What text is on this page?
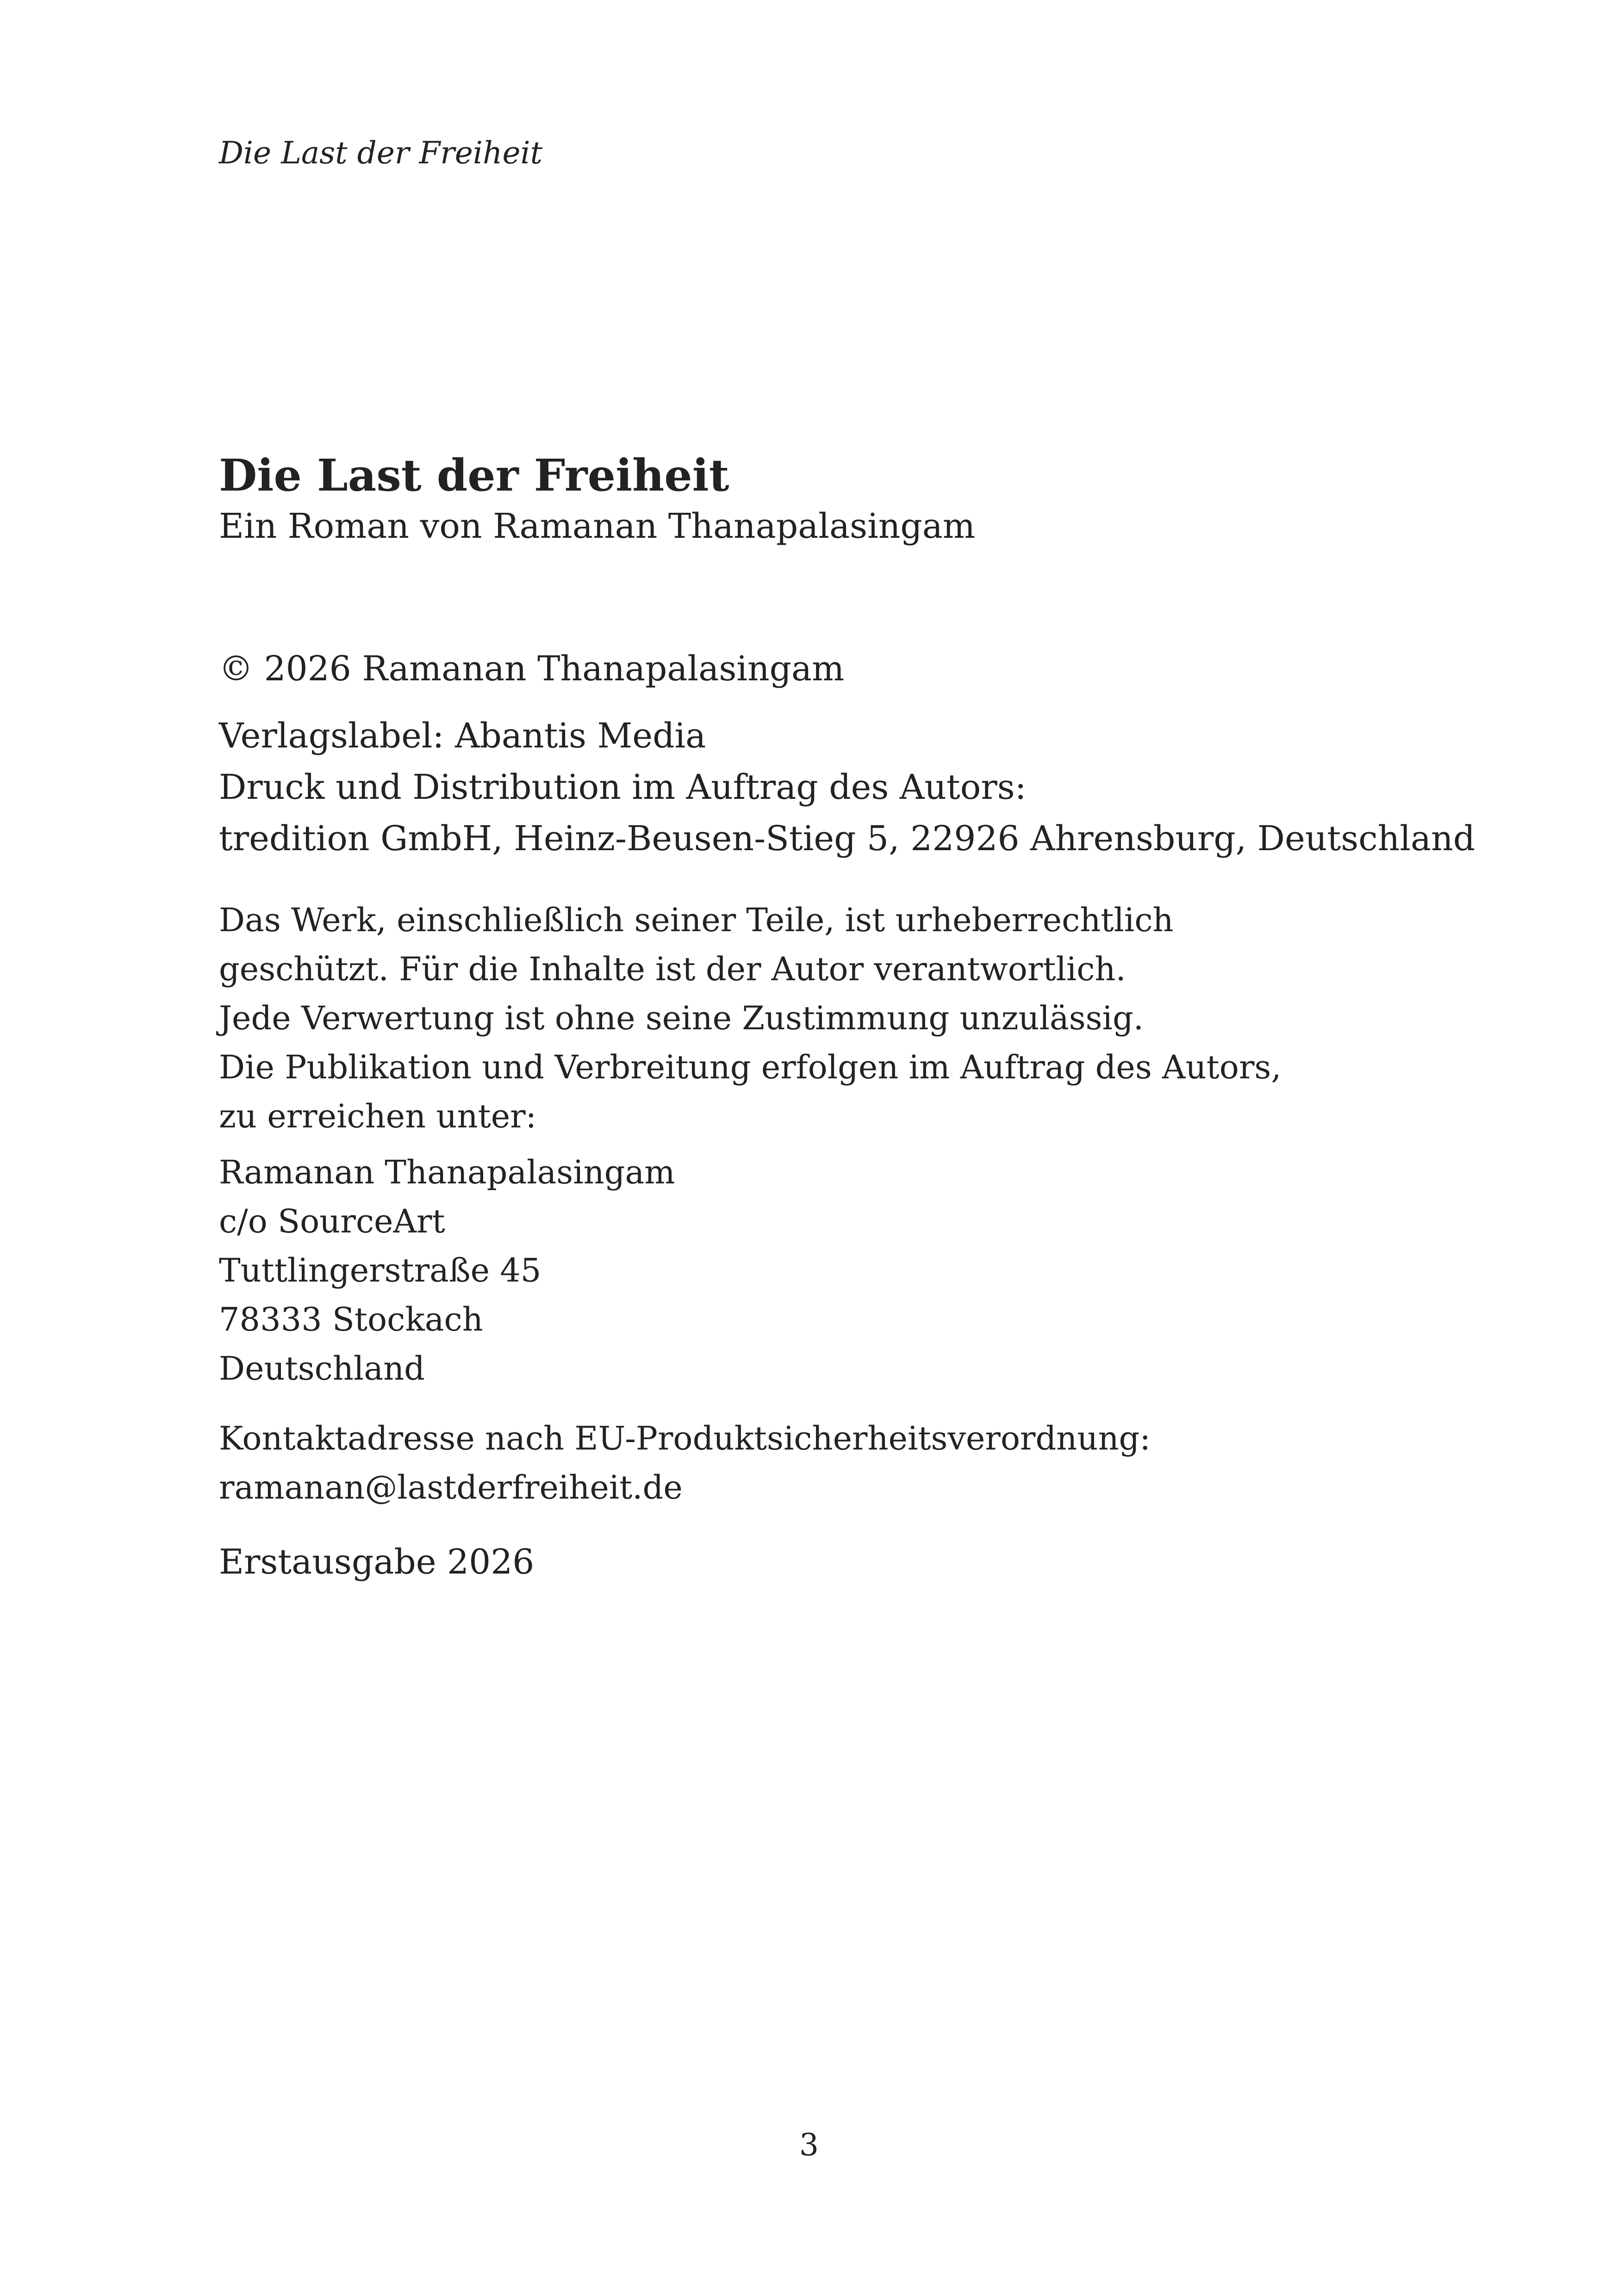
Die Last der Freiheit
Die Last der Freiheit
Ein Roman von Ramanan Thanapalasingam
© 2026 Ramanan Thanapalasingam
Verlagslabel: Abantis Media
Druck und Distribution im Auftrag des Autors:
tredition GmbH, Heinz-Beusen-Stieg 5, 22926 Ahrensburg, Deutschland
Das Werk, einschließlich seiner Teile, ist urheberrechtlich
geschützt. Für die Inhalte ist der Autor verantwortlich.
Jede Verwertung ist ohne seine Zustimmung unzulässig.
Die Publikation und Verbreitung erfolgen im Auftrag des Autors,
zu erreichen unter:
Ramanan Thanapalasingam
c/o SourceArt
Tuttlingerstraße 45
78333 Stockach
Deutschland
Kontaktadresse nach EU-Produktsicherheitsverordnung:
ramanan@lastderfreiheit.de
Erstausgabe 2026
3
